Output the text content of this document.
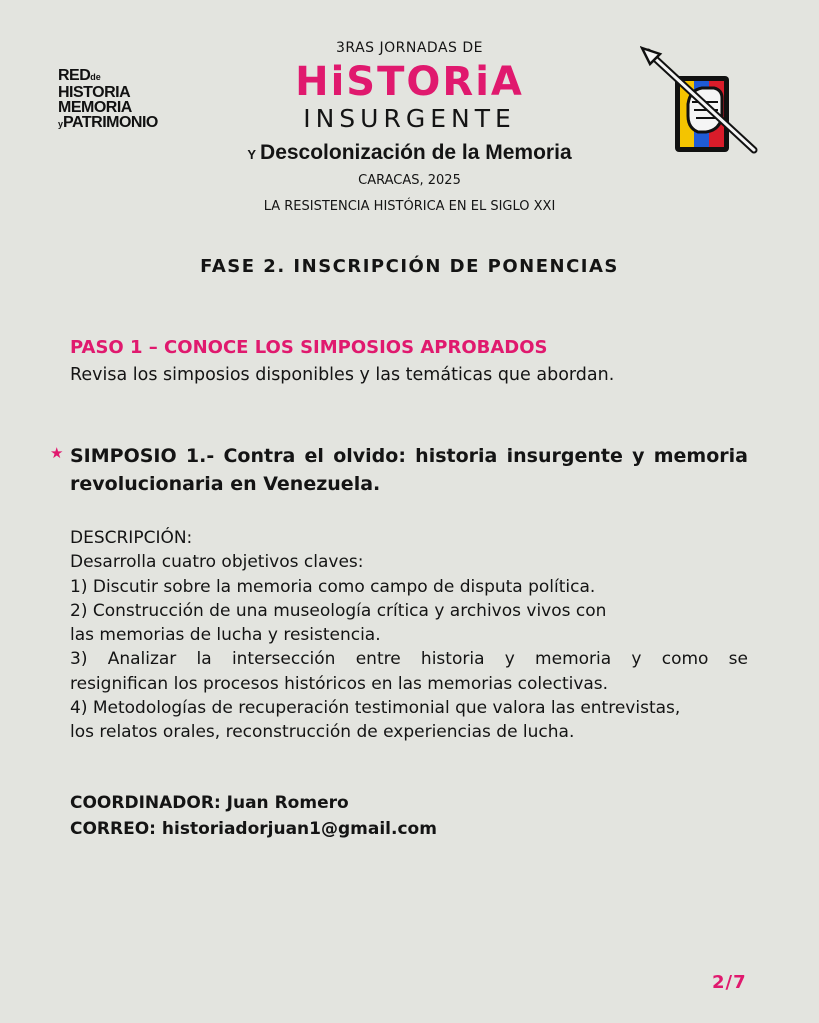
REDde
HISTORIA
MEMORIA
yPATRIMONIO
3RAS JORNADAS DE
HiSTORiA
INSURGENTE
Y Descolonización de la Memoria
CARACAS, 2025
LA RESISTENCIA HISTÓRICA EN EL SIGLO XXI
FASE 2. INSCRIPCIÓN DE PONENCIAS
PASO 1 – CONOCE LOS SIMPOSIOS APROBADOS
Revisa los simposios disponibles y las temáticas que abordan.
★ SIMPOSIO 1.- Contra el olvido: historia insurgente y memoria revolucionaria en Venezuela.
DESCRIPCIÓN:
Desarrolla cuatro objetivos claves:
1) Discutir sobre la memoria como campo de disputa política.
2) Construcción de una museología crítica y archivos vivos con
las memorias de lucha y resistencia.
3) Analizar la intersección entre historia y memoria y como se
resignifican los procesos históricos en las memorias colectivas.
4) Metodologías de recuperación testimonial que valora las entrevistas,
los relatos orales, reconstrucción de experiencias de lucha.
COORDINADOR: Juan Romero
CORREO: historiadorjuan1@gmail.com
2/7
